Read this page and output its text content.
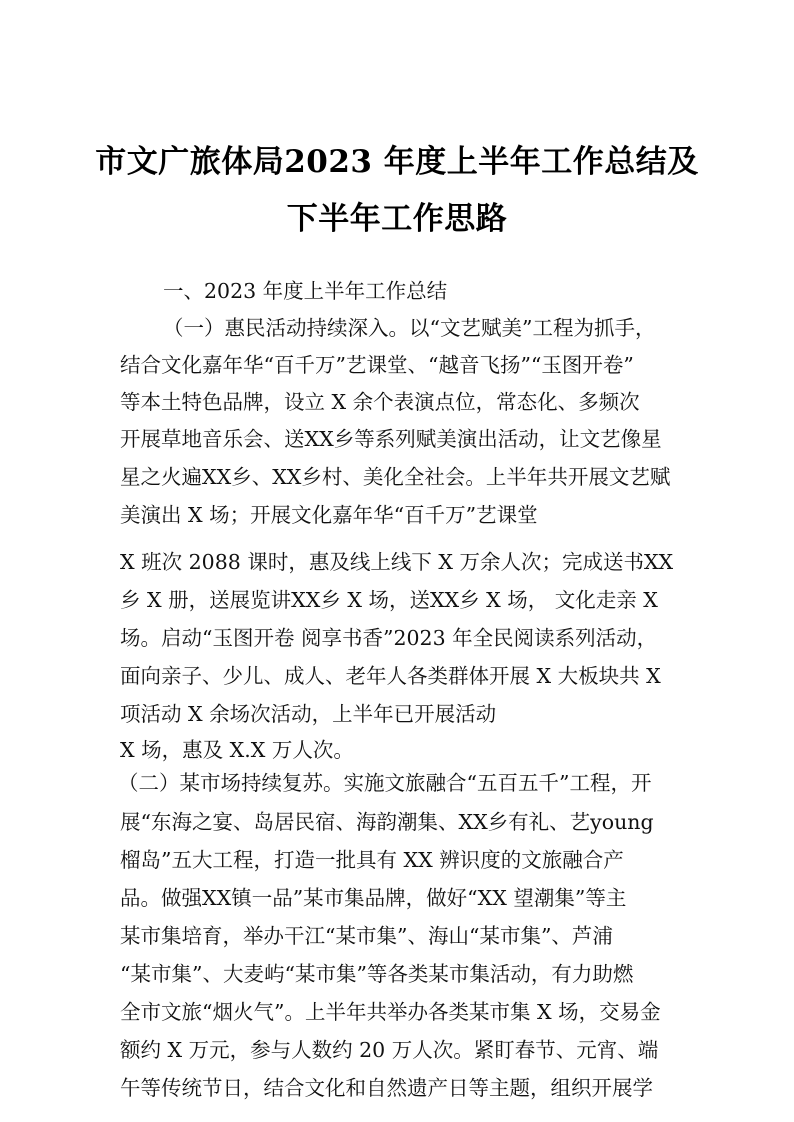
市文广旅体局2023 年度上半年工作总结及
下半年工作思路
一、2023 年度上半年工作总结
（一）惠民活动持续深入。以“文艺赋美”工程为抓手，
结合文化嘉年华“百千万”艺课堂、“越音飞扬”“玉图开卷”
等本土特色品牌，设立 X 余个表演点位，常态化、多频次
开展草地音乐会、送XX乡等系列赋美演出活动，让文艺像星
星之火遍XX乡、XX乡村、美化全社会。上半年共开展文艺赋
美演出 X 场；开展文化嘉年华“百千万”艺课堂
X 班次 2088 课时，惠及线上线下 X 万余人次；完成送书XX
乡 X 册，送展览讲XX乡 X 场，送XX乡 X 场， 文化走亲 X
场。启动“玉图开卷 阅享书香”2023 年全民阅读系列活动，
面向亲子、少儿、成人、老年人各类群体开展 X 大板块共 X
项活动 X 余场次活动，上半年已开展活动
X 场，惠及 X.X 万人次。
（二）某市场持续复苏。实施文旅融合“五百五千”工程，开
展“东海之宴、岛居民宿、海韵潮集、XX乡有礼、艺young
榴岛”五大工程，打造一批具有 XX 辨识度的文旅融合产
品。做强XX镇一品”某市集品牌，做好“XX 望潮集”等主
某市集培育，举办干江“某市集”、海山“某市集”、芦浦
“某市集”、大麦屿“某市集”等各类某市集活动，有力助燃
全市文旅“烟火气”。上半年共举办各类某市集 X 场，交易金
额约 X 万元，参与人数约 20 万人次。紧盯春节、元宵、端
午等传统节日，结合文化和自然遗产日等主题，组织开展学
